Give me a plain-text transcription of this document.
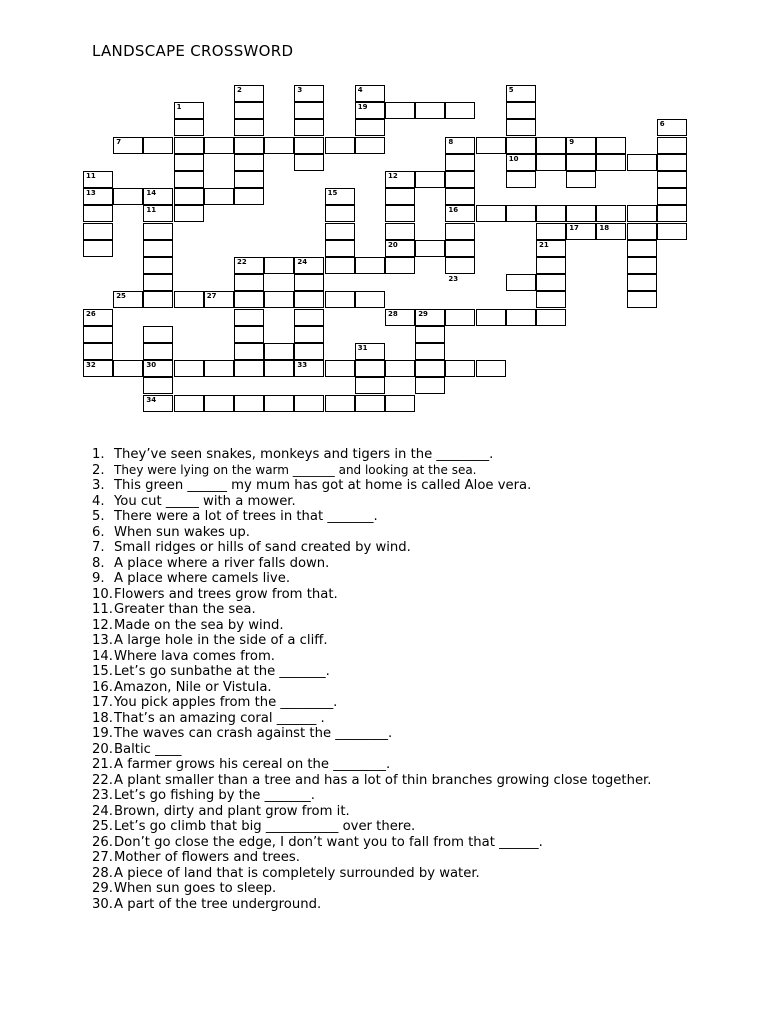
LANDSCAPE CROSSWORD
1
2	3	4	5
6
7	8	9
10
11
11
12
13	14	15
16
17	18
19
20	21
22
23
24
25
26
27
28	29
30
31
32	33
34
1. They’ve seen snakes, monkeys and tigers in the ________.
2. They were lying on the warm _______ and looking at the sea.
3. This green ______ my mum has got at home is called Aloe vera.
4. You cut _____ with a mower.
5. There were a lot of trees in that _______.
6. When sun wakes up.
7. Small ridges or hills of sand created by wind.
8. A place where a river falls down.
9. A place where camels live.
10. Flowers and trees grow from that.
11. Greater than the sea.
12. Made on the sea by wind.
13. A large hole in the side of a cliff.
14. Where lava comes from.
15. Let’s go sunbathe at the _______.
16. Amazon, Nile or Vistula.
17. You pick apples from the ________.
18. That’s an amazing coral ______ .
19. The waves can crash against the ________.
20. Baltic ____
21. A farmer grows his cereal on the ________.
22. A plant smaller than a tree and has a lot of thin branches growing close together.
23. Let’s go fishing by the _______.
24. Brown, dirty and plant grow from it.
25. Let’s go climb that big ___________ over there.
26. Don’t go close the edge, I don’t want you to fall from that ______.
27. Mother of flowers and trees.
28. A piece of land that is completely surrounded by water.
29. When sun goes to sleep.
30. A part of the tree underground.
